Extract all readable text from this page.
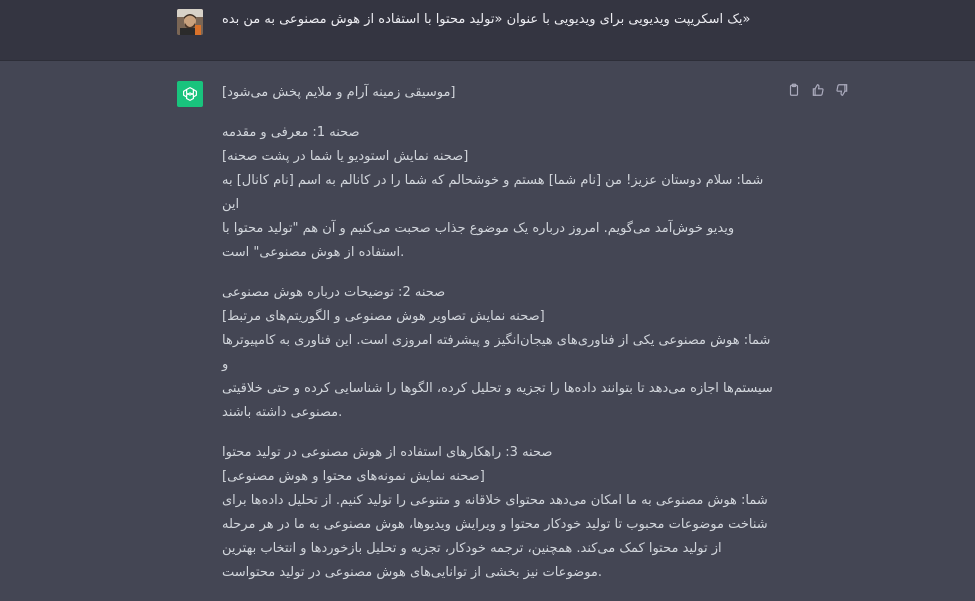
«یک اسکریپت ویدیویی برای ویدیویی با عنوان «تولید محتوا با استفاده از هوش مصنوعی به من بده

[موسیقی زمینه آرام و ملایم پخش می‌شود]

صحنه 1: معرفی و مقدمه
[صحنه نمایش استودیو یا شما در پشت صحنه]
شما: سلام دوستان عزیز! من [نام شما] هستم و خوشحالم که شما را در کانالم به اسم [نام کانال] به این
ویدیو خوش‌آمد می‌گویم. امروز درباره یک موضوع جذاب صحبت می‌کنیم و آن هم "تولید محتوا با
.استفاده از هوش مصنوعی" است

صحنه 2: توضیحات درباره هوش مصنوعی
[صحنه نمایش تصاویر هوش مصنوعی و الگوریتم‌های مرتبط]
شما: هوش مصنوعی یکی از فناوری‌های هیجان‌انگیز و پیشرفته امروزی است. این فناوری به کامپیوترها و
سیستم‌ها اجازه می‌دهد تا بتوانند داده‌ها را تجزیه و تحلیل کرده، الگوها را شناسایی کرده و حتی خلاقیتی
.مصنوعی داشته باشند

صحنه 3: راهکارهای استفاده از هوش مصنوعی در تولید محتوا
[صحنه نمایش نمونه‌های محتوا و هوش مصنوعی]
شما: هوش مصنوعی به ما امکان می‌دهد محتوای خلاقانه و متنوعی را تولید کنیم. از تحلیل داده‌ها برای
شناخت موضوعات محبوب تا تولید خودکار محتوا و ویرایش ویدیوها، هوش مصنوعی به ما در هر مرحله
از تولید محتوا کمک می‌کند. همچنین، ترجمه خودکار، تجزیه و تحلیل بازخوردها و انتخاب بهترین
.موضوعات نیز بخشی از توانایی‌های هوش مصنوعی در تولید محتواست
